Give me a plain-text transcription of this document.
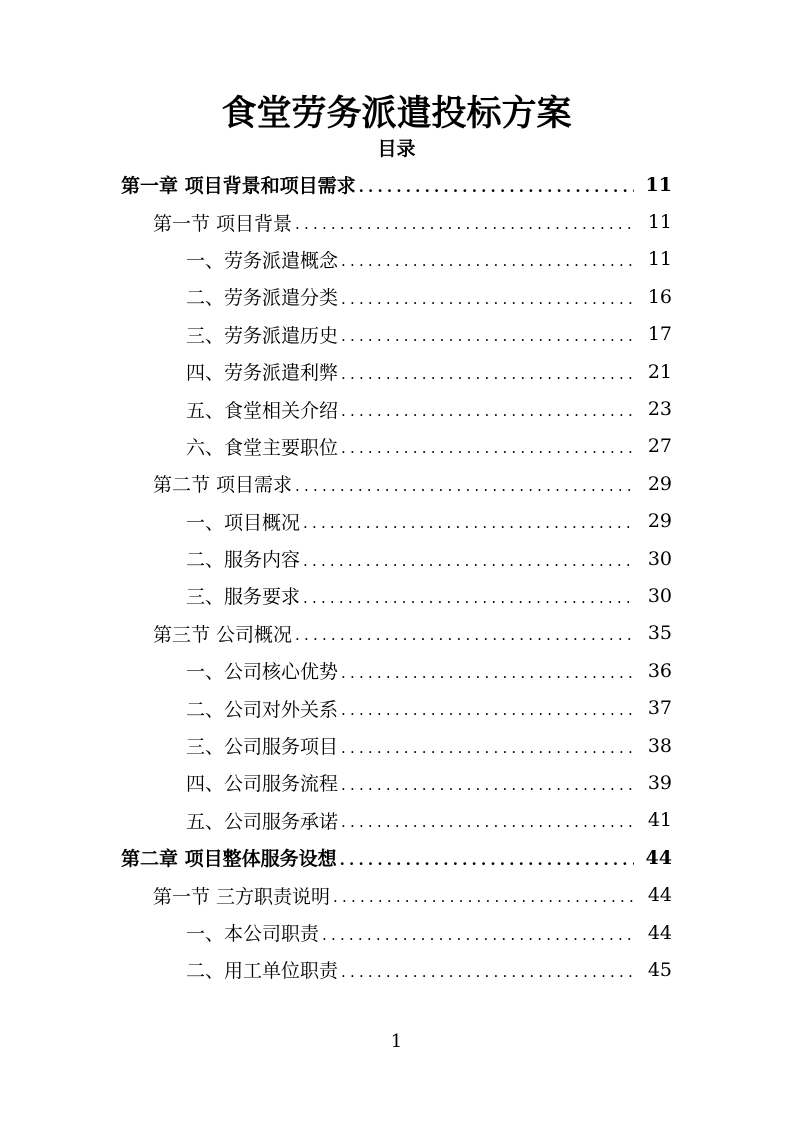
食堂劳务派遣投标方案
目录
第一章 项目背景和项目需求 .....	11
第一节 项目背景 .....	11
一、劳务派遣概念 .....	11
二、劳务派遣分类 .....	16
三、劳务派遣历史 .....	17
四、劳务派遣利弊 .....	21
五、食堂相关介绍 .....	23
六、食堂主要职位 .....	27
第二节 项目需求 .....	29
一、项目概况 .....	29
二、服务内容 .....	30
三、服务要求 .....	30
第三节 公司概况 .....	35
一、公司核心优势 .....	36
二、公司对外关系 .....	37
三、公司服务项目 .....	38
四、公司服务流程 .....	39
五、公司服务承诺 .....	41
第二章 项目整体服务设想 .....	44
第一节 三方职责说明 .....	44
一、本公司职责 .....	44
二、用工单位职责 .....	45
1
